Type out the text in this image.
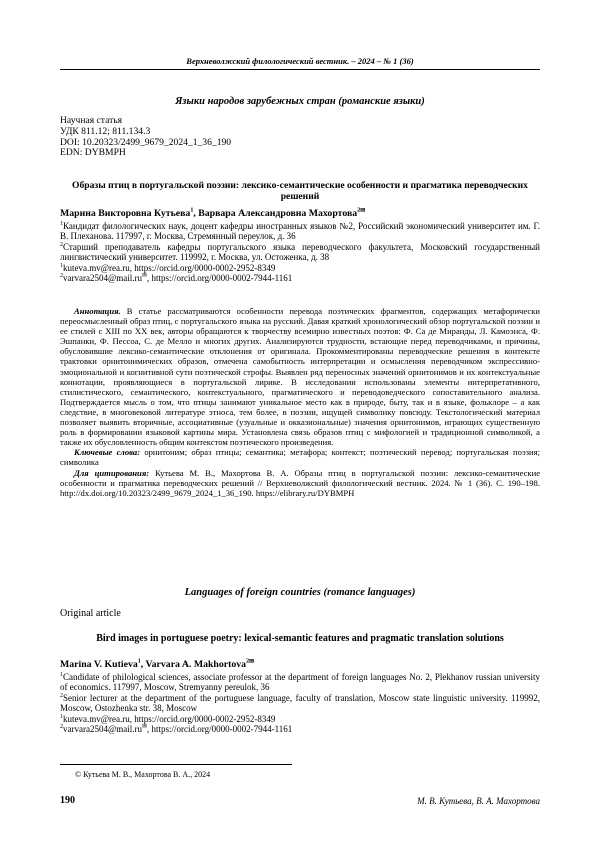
Верхневолжский филологический вестник. – 2024 – № 1 (36)
Языки народов зарубежных стран (романские языки)
Научная статья
УДК 811.12; 811.134.3
DOI: 10.20323/2499_9679_2024_1_36_190
EDN: DYBMPH
Образы птиц в португальской поэзии: лексико-семантические особенности и прагматика переводческих решений
Марина Викторовна Кутьева$^1$, Варвара Александровна Махортова$^2$✉
$^1$Кандидат филологических наук, доцент кафедры иностранных языков №2, Российский экономический университет им. Г. В. Плеханова. 117997, г. Москва, Стремянный переулок, д. 36
$^2$Старший преподаватель кафедры португальского языка переводческого факультета, Московский государственный лингвистический университет. 119992, г. Москва, ул. Остоженка, д. 38
$^1$kuteva.mv@rea.ru, https://orcid.org/0000-0002-2952-8349
$^2$varvara2504@mail.ru✉, https://orcid.org/0000-0002-7944-1161
Аннотация. В статье рассматриваются особенности перевода поэтических фрагментов, содержащих метафорически переосмысленный образ птиц, с португальского языка на русский. Давая краткий хронологический обзор португальской поэзии и ее стилей с XIII по XX век, авторы обращаются к творчеству всемирно известных поэтов: Ф. Са де Миранды, Л. Камоэнса, Ф. Эшпанки, Ф. Пессоа, С. де Мелло и многих других. Анализируются трудности, встающие перед переводчиками, и причины, обусловившие лексико-семантические отклонения от оригинала. Прокомментированы переводческие решения в контексте трактовки орнитонимических образов, отмечена самобытность интерпретации и осмысления переводчиком экспрессивно-эмоциональной и когнитивной сути поэтической строфы. Выявлен ряд переносных значений орнитонимов и их контекстуальные коннотации, проявляющиеся в португальской лирике. В исследовании использованы элементы интерпретативного, стилистического, семантического, контекстуального, прагматического и переводоведческого сопоставительного анализа. Подтверждается мысль о том, что птицы занимают уникальное место как в природе, быту, так и в языке, фольклоре – а как следствие, в многовековой литературе этноса, тем более, в поэзии, ищущей символику повсюду. Текстологический материал позволяет выявить вторичные, ассоциативные (узуальные и окказиональные) значения орнитонимов, играющих существенную роль в формировании языковой картины мира. Установлена связь образов птиц с мифологией и традиционной символикой, а также их обусловленность общим контекстом поэтического произведения.
Ключевые слова: орнитоним; образ птицы; семантика; метафора; контекст; поэтический перевод; португальская поэзия; символика
Для цитирования: Кутьева М. В., Махортова В. А. Образы птиц в португальской поэзии: лексико-семантические особенности и прагматика переводческих решений // Верхневолжский филологический вестник. 2024. № 1 (36). С. 190–198. http://dx.doi.org/10.20323/2499_9679_2024_1_36_190. https://elibrary.ru/DYBMPH
Languages of foreign countries (romance languages)
Original article
Bird images in portuguese poetry: lexical-semantic features and pragmatic translation solutions
Marina V. Kutieva$^1$, Varvara A. Makhortova$^2$✉
$^1$Candidate of philological sciences, associate professor at the department of foreign languages No. 2, Plekhanov russian university of economics. 117997, Moscow, Stremyanny pereulok, 36
$^2$Senior lecturer at the department of the portuguese language, faculty of translation, Moscow state linguistic university. 119992, Moscow, Ostozhenka str. 38, Moscow
$^1$kuteva.mv@rea.ru, https://orcid.org/0000-0002-2952-8349
$^2$varvara2504@mail.ru✉, https://orcid.org/0000-0002-7944-1161
© Кутьева М. В., Махортова В. А., 2024
190	М. В. Кутьева, В. А. Махортова
